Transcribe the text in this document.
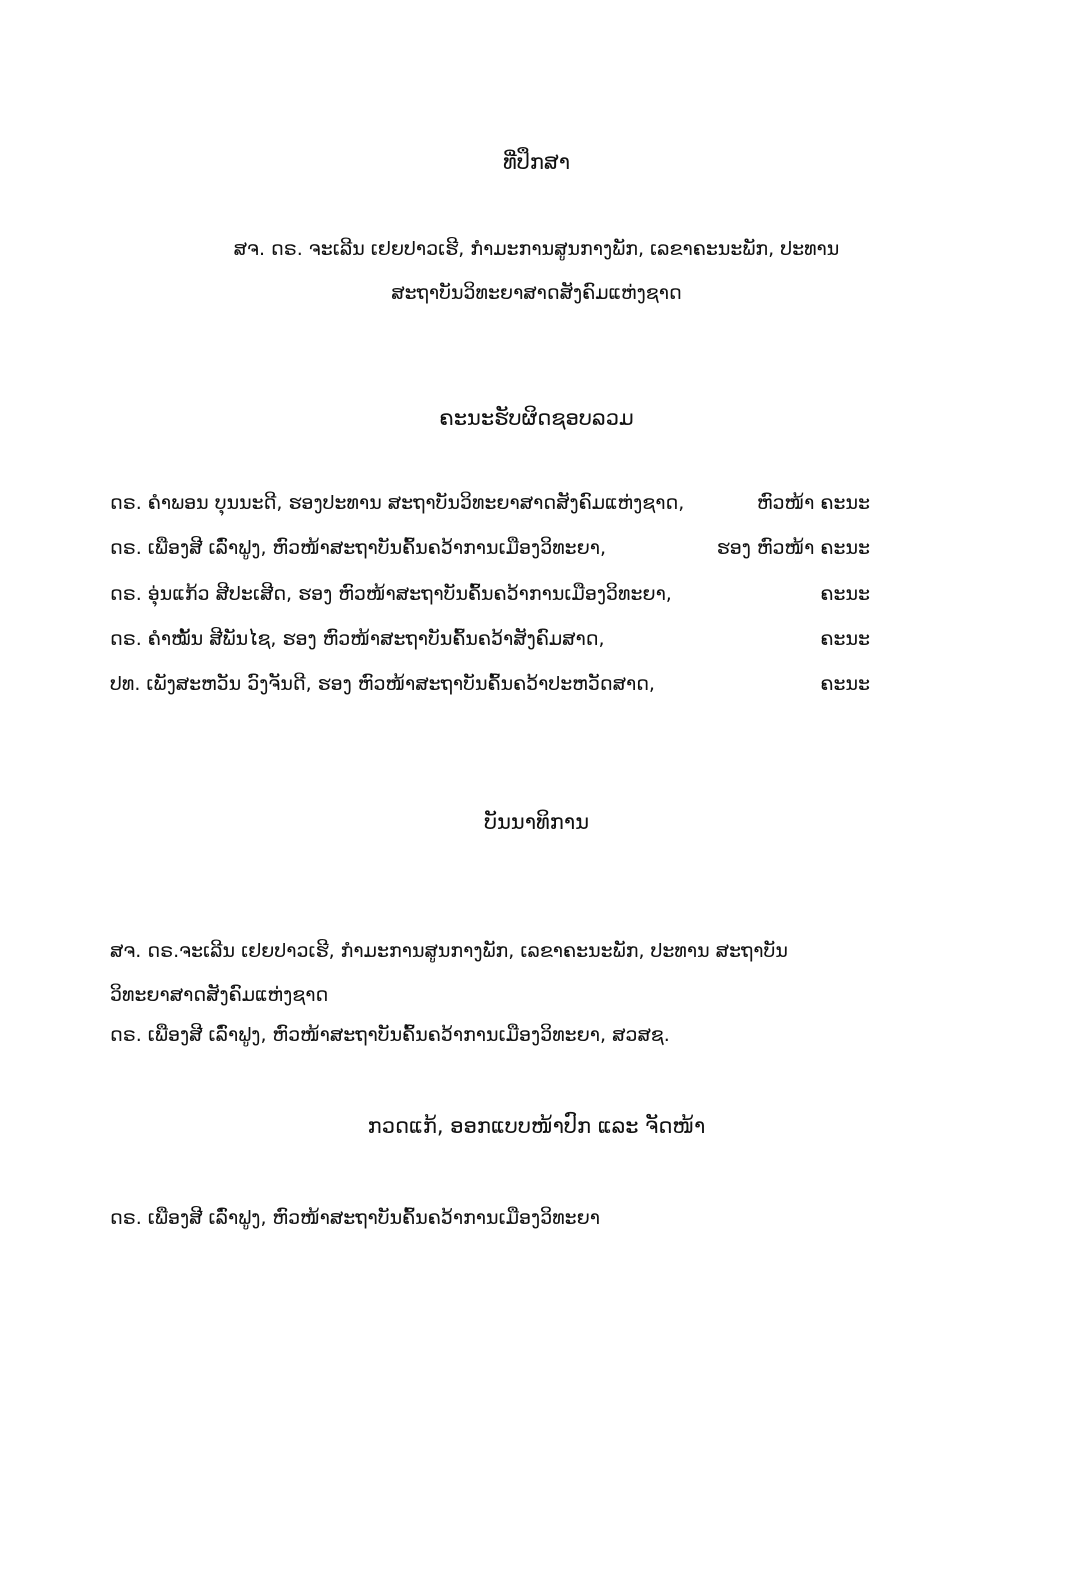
ທີ່ປຶກສາ
ສຈ. ດຣ. ຈະເລີນ ເຢຍປາວເຮີ, ກຳມະການສູນກາງພັກ, ເລຂາຄະນະພັກ, ປະທານ
ສະຖາບັນວິທະຍາສາດສັງຄົມແຫ່ງຊາດ
ຄະນະຮັບຜິດຊອບລວມ
ດຣ. ຄຳພອນ ບຸນນະດີ, ຮອງປະທານ ສະຖາບັນວິທະຍາສາດສັງຄົມແຫ່ງຊາດ,	ຫົວໜ້າ ຄະນະ
ດຣ. ເພືອງສີ ເລົ່າຟູງ, ຫົວໜ້າສະຖາບັນຄົ້ນຄວ້າການເມືອງວິທະຍາ,	ຮອງ ຫົວໜ້າ ຄະນະ
ດຣ. ອຸ່ນແກ້ວ ສີປະເສີດ, ຮອງ ຫົວໜ້າສະຖາບັນຄົ້ນຄວ້າການເມືອງວິທະຍາ,	ຄະນະ
ດຣ. ຄຳໝັ້ນ ສີພັນໄຊ, ຮອງ ຫົວໜ້າສະຖາບັນຄົ້ນຄວ້າສັງຄົມສາດ,	ຄະນະ
ປທ. ເພັງສະຫວັນ ວົງຈັນດີ, ຮອງ ຫົວໜ້າສະຖາບັນຄົ້ນຄວ້າປະຫວັດສາດ,	ຄະນະ
ບັນນາທິການ
ສຈ. ດຣ.ຈະເລີນ ເຢຍປາວເຮີ, ກຳມະການສູນກາງພັກ, ເລຂາຄະນະພັກ, ປະທານ ສະຖາບັນ
ວິທະຍາສາດສັງຄົມແຫ່ງຊາດ
ດຣ. ເພືອງສີ ເລົ່າຟູງ, ຫົວໜ້າສະຖາບັນຄົ້ນຄວ້າການເມືອງວິທະຍາ, ສວສຊ.
ກວດແກ້, ອອກແບບໜ້າປົກ ແລະ ຈັດໜ້າ
ດຣ. ເພືອງສີ ເລົ່າຟູງ, ຫົວໜ້າສະຖາບັນຄົ້ນຄວ້າການເມືອງວິທະຍາ
